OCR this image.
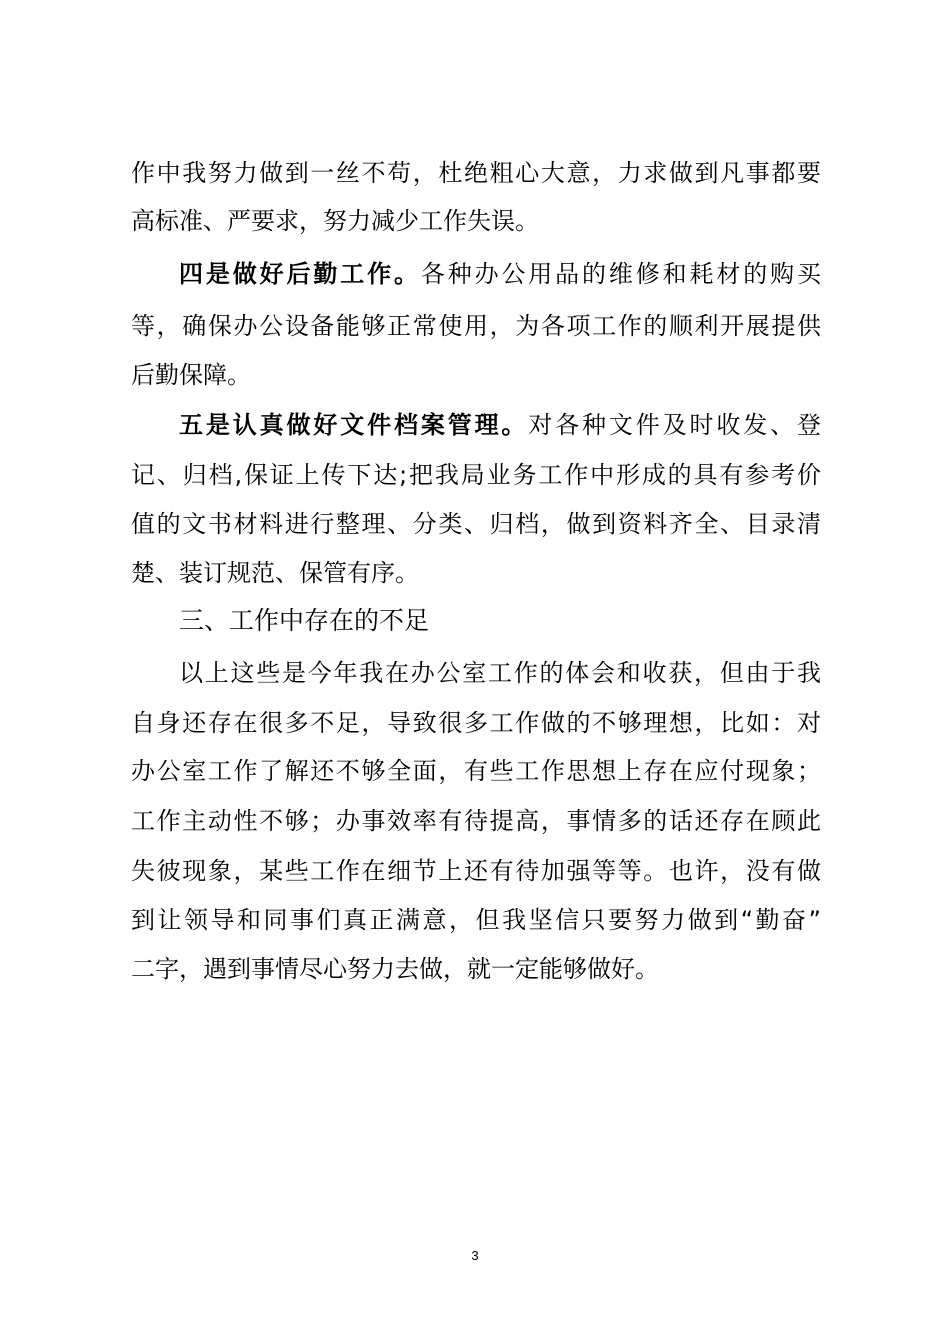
作中我努力做到一丝不苟，杜绝粗心大意，力求做到凡事都要
高标准、严要求，努力减少工作失误。
四是做好后勤工作。各种办公用品的维修和耗材的购买
等，确保办公设备能够正常使用，为各项工作的顺利开展提供
后勤保障。
五是认真做好文件档案管理。对各种文件及时收发、登
记、归档,保证上传下达;把我局业务工作中形成的具有参考价
值的文书材料进行整理、分类、归档，做到资料齐全、目录清
楚、装订规范、保管有序。
三、工作中存在的不足
以上这些是今年我在办公室工作的体会和收获，但由于我
自身还存在很多不足，导致很多工作做的不够理想，比如：对
办公室工作了解还不够全面，有些工作思想上存在应付现象；
工作主动性不够；办事效率有待提高，事情多的话还存在顾此
失彼现象，某些工作在细节上还有待加强等等。也许，没有做
到让领导和同事们真正满意，但我坚信只要努力做到“勤奋”
二字，遇到事情尽心努力去做，就一定能够做好。
3
